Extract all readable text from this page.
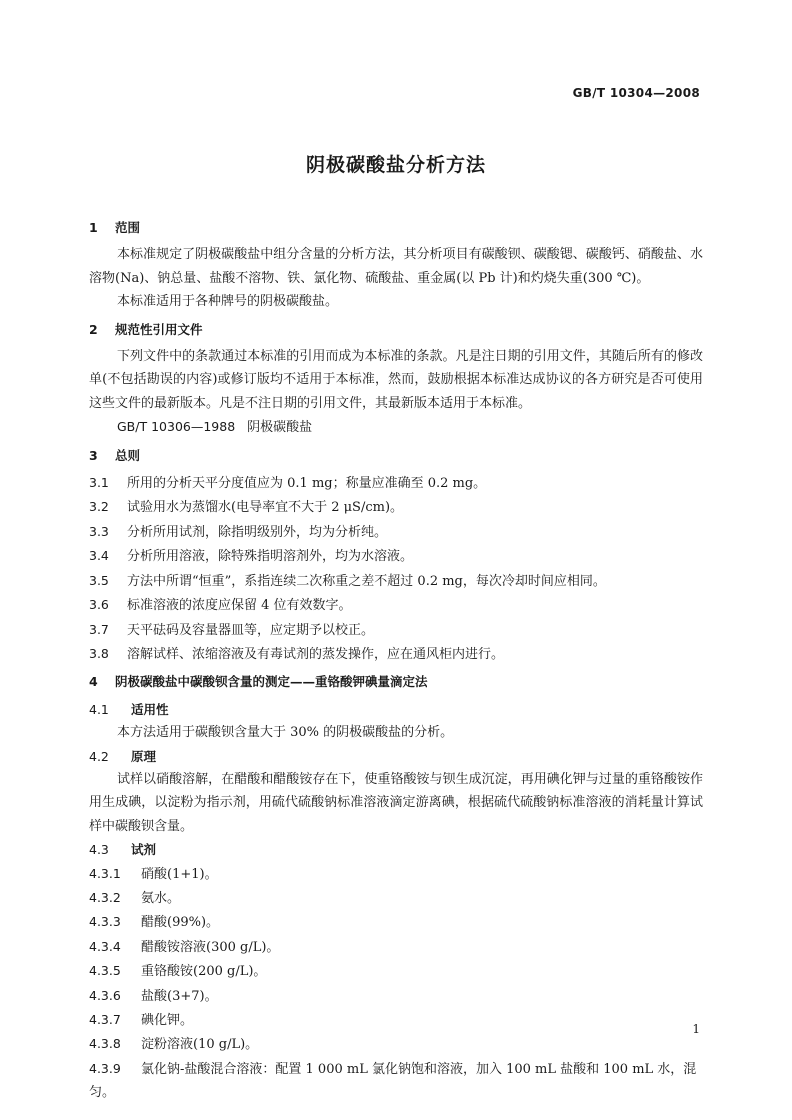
GB/T 10304—2008
阴极碳酸盐分析方法
1 范围
本标准规定了阴极碳酸盐中组分含量的分析方法，其分析项目有碳酸钡、碳酸锶、碳酸钙、硝酸盐、水溶物(Na)、钠总量、盐酸不溶物、铁、氯化物、硫酸盐、重金属(以 Pb 计)和灼烧失重(300 ℃)。
本标准适用于各种牌号的阴极碳酸盐。
2 规范性引用文件
下列文件中的条款通过本标准的引用而成为本标准的条款。凡是注日期的引用文件，其随后所有的修改单(不包括勘误的内容)或修订版均不适用于本标准，然而，鼓励根据本标准达成协议的各方研究是否可使用这些文件的最新版本。凡是不注日期的引用文件，其最新版本适用于本标准。
GB/T 10306—1988 阴极碳酸盐
3 总则
3.1 所用的分析天平分度值应为 0.1 mg；称量应准确至 0.2 mg。
3.2 试验用水为蒸馏水(电导率宜不大于 2 μS/cm)。
3.3 分析所用试剂，除指明级别外，均为分析纯。
3.4 分析所用溶液，除特殊指明溶剂外，均为水溶液。
3.5 方法中所谓“恒重”，系指连续二次称重之差不超过 0.2 mg，每次冷却时间应相同。
3.6 标准溶液的浓度应保留 4 位有效数字。
3.7 天平砝码及容量器皿等，应定期予以校正。
3.8 溶解试样、浓缩溶液及有毒试剂的蒸发操作，应在通风柜内进行。
4 阴极碳酸盐中碳酸钡含量的测定——重铬酸钾碘量滴定法
4.1 适用性
本方法适用于碳酸钡含量大于 30% 的阴极碳酸盐的分析。
4.2 原理
试样以硝酸溶解，在醋酸和醋酸铵存在下，使重铬酸铵与钡生成沉淀，再用碘化钾与过量的重铬酸铵作用生成碘，以淀粉为指示剂，用硫代硫酸钠标准溶液滴定游离碘，根据硫代硫酸钠标准溶液的消耗量计算试样中碳酸钡含量。
4.3 试剂
4.3.1 硝酸(1+1)。
4.3.2 氨水。
4.3.3 醋酸(99%)。
4.3.4 醋酸铵溶液(300 g/L)。
4.3.5 重铬酸铵(200 g/L)。
4.3.6 盐酸(3+7)。
4.3.7 碘化钾。
4.3.8 淀粉溶液(10 g/L)。
4.3.9 氯化钠-盐酸混合溶液：配置 1 000 mL 氯化钠饱和溶液，加入 100 mL 盐酸和 100 mL 水，混匀。
1
